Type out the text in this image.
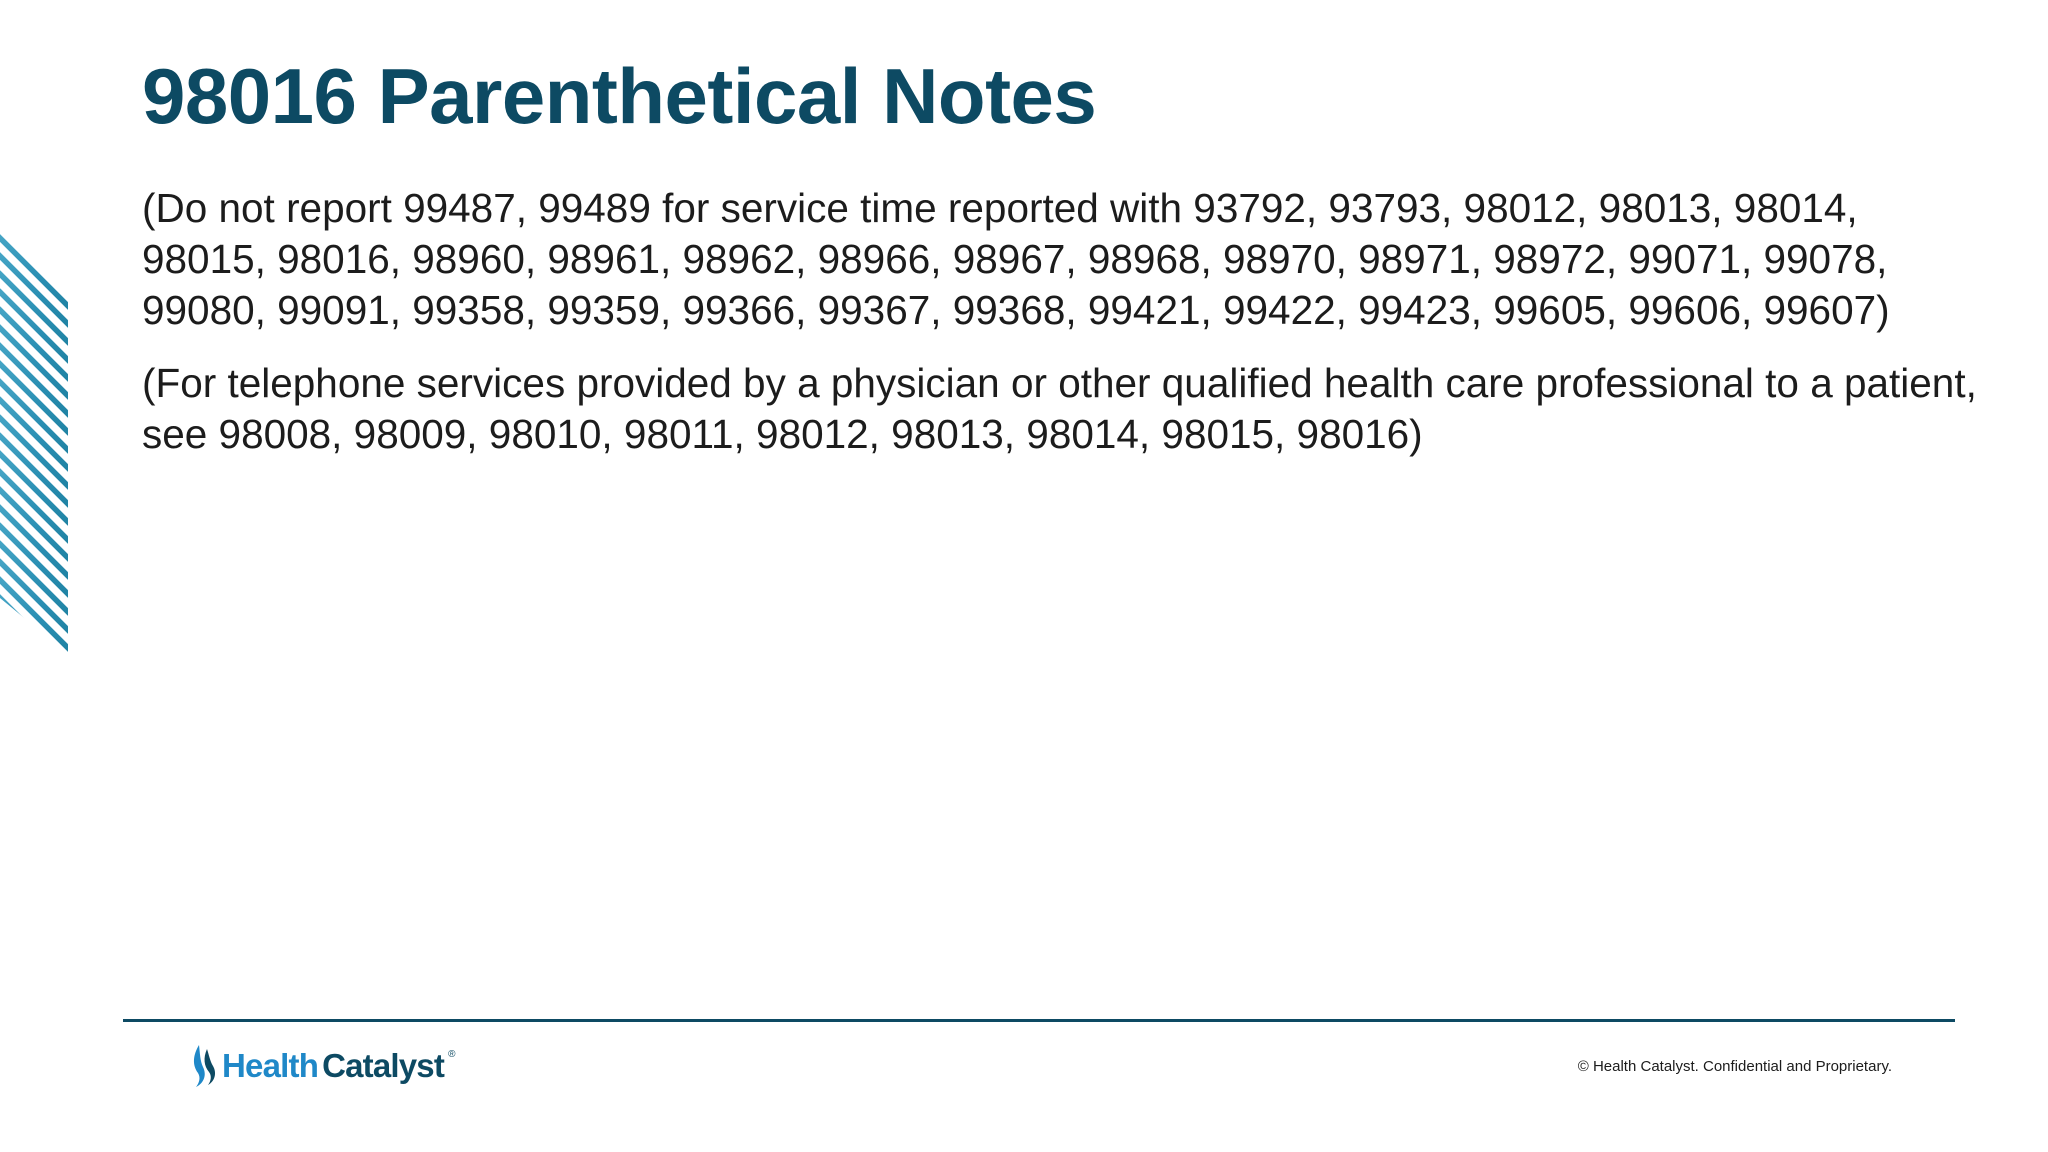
98016 Parenthetical Notes

(Do not report 99487, 99489 for service time reported with 93792, 93793, 98012, 98013, 98014, 98015, 98016, 98960, 98961, 98962, 98966, 98967, 98968, 98970, 98971, 98972, 99071, 99078, 99080, 99091, 99358, 99359, 99366, 99367, 99368, 99421, 99422, 99423, 99605, 99606, 99607)

(For telephone services provided by a physician or other qualified health care professional to a patient, see 98008, 98009, 98010, 98011, 98012, 98013, 98014, 98015, 98016)

Health Catalyst ®
© Health Catalyst. Confidential and Proprietary.
